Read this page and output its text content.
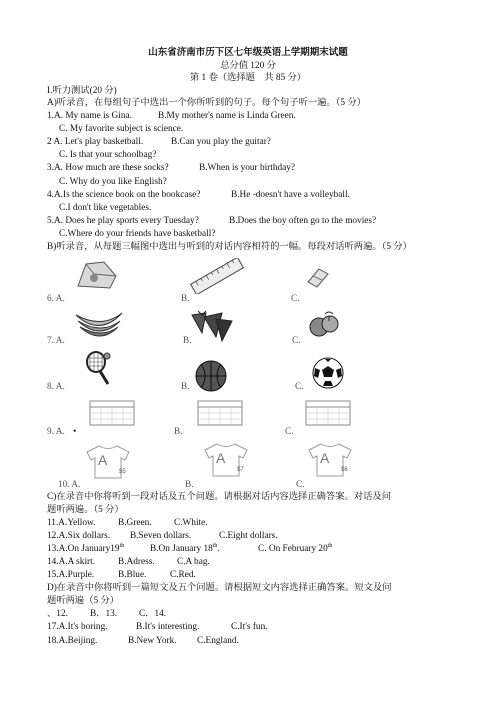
山东省济南市历下区七年级英语上学期期末试题
总分值 120 分
第 1 卷（选择题　共 85 分）
I.听力测试(20 分)
A)听录音，在每组句子中选出一个你所听到的句子。每个句子听一遍。（5 分）
1.A. My name is Gina.	B.My mother's name is Linda Green.
C. My favorite subject is science.
2 A. Let's play basketball.	B.Can you play the guitar?
C. Is that your schoolbag?
3.A. How much are these socks?	B.When is your birthday?
C. Why do you like English?
4.A.Is the science book on the bookcase?	B.He -doesn't have a volleyball.
C.I don't like vegetables.
5.A. Does he play sports every Tuesday?	B.Does the boy often go to the movies?
C.Where do your friends have basketball?
B)听录音，从每题三幅图中选出与听到的对话内容相符的一幅。每段对话听两遍。（5 分）
6. A.	B.	C.
7. A.	B.	C.
8. A.	B.	C.
9. A. •	B.	C.
A
$5
A
$7
A
$6
10. A.	B.	C.
C)在录音中你将听到一段对话及五个问题。请根据对话内容选择正确答案。对话及问
题听两遍。（5 分）
11.A.Yellow. B.Green. C.White.
12.A.Six dollars. B.Seven dollars.	C.Eight dollars.
13.A.On January19th	B.On January 18th.	C. On February 20th
14.A.A skirt. B.Adress. C.A bag.
15.A.Purple.	B.Blue.	C.Red.
D)在录音中你将听到一篇短文及五个问题。请根据短文内容选择正确答案。短文及问
题听两遍（5 分）
、12. B．13. C．14.
17.A.It's boring.	B.It's interesting.	C.It's fun.
18.A.Beijing.	B.New York. C.England.
